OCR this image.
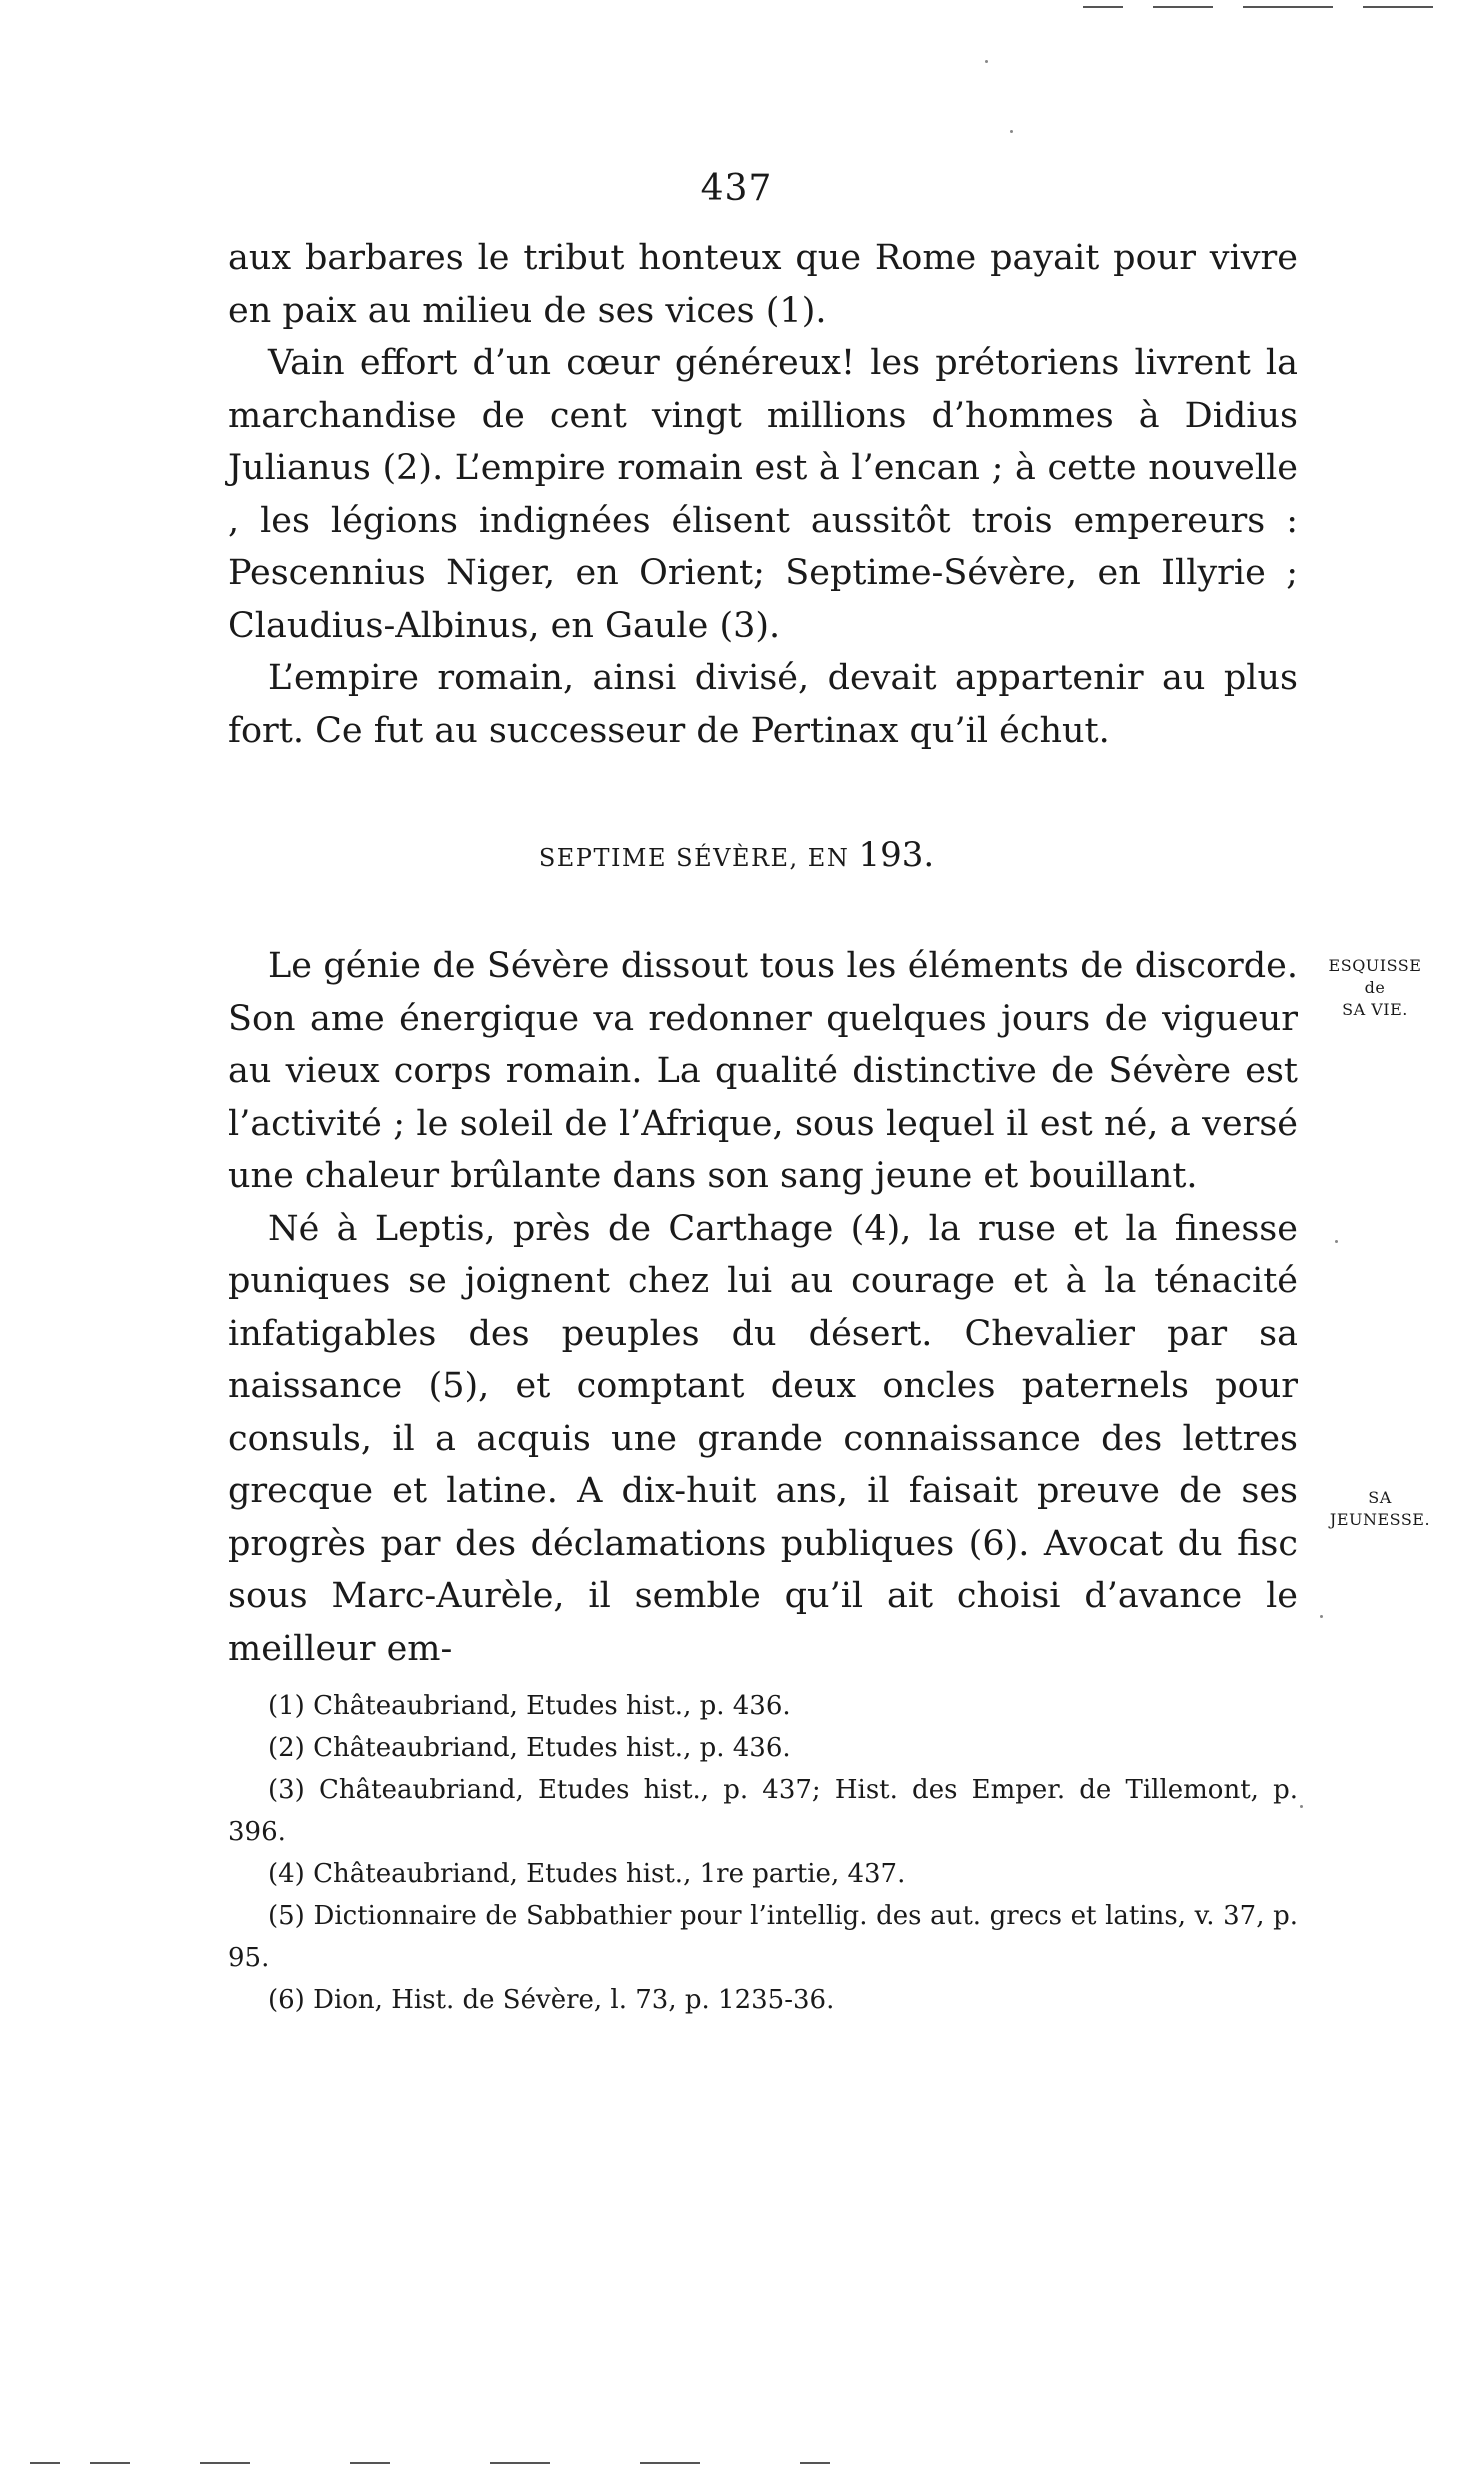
437

aux barbares le tribut honteux que Rome payait pour vivre en paix au milieu de ses vices (1).

Vain effort d’un cœur généreux! les prétoriens livrent la marchandise de cent vingt millions d’hommes à Didius Julianus (2). L’empire romain est à l’encan ; à cette nouvelle , les légions indignées élisent aussitôt trois empereurs : Pescennius Niger, en Orient; Septime-Sévère, en Illyrie ; Claudius-Albinus, en Gaule (3).

L’empire romain, ainsi divisé, devait appartenir au plus fort. Ce fut au successeur de Pertinax qu’il échut.

SEPTIME SÉVÈRE, EN 193.

Le génie de Sévère dissout tous les éléments de discorde. Son ame énergique va redonner quelques jours de vigueur au vieux corps romain. La qualité distinctive de Sévère est l’activité ; le soleil de l’Afrique, sous lequel il est né, a versé une chaleur brûlante dans son sang jeune et bouillant.

Né à Leptis, près de Carthage (4), la ruse et la finesse puniques se joignent chez lui au courage et à la ténacité infatigables des peuples du désert. Chevalier par sa naissance (5), et comptant deux oncles paternels pour consuls, il a acquis une grande connaissance des lettres grecque et latine. A dix-huit ans, il faisait preuve de ses progrès par des déclamations publiques (6). Avocat du fisc sous Marc-Aurèle, il semble qu’il ait choisi d’avance le meilleur em-

ESQUISSE
de
SA VIE.
SA
JEUNESSE.

(1) Châteaubriand, Etudes hist., p. 436.

(2) Châteaubriand, Etudes hist., p. 436.

(3) Châteaubriand, Etudes hist., p. 437; Hist. des Emper. de Tillemont, p. 396.

(4) Châteaubriand, Etudes hist., 1re partie, 437.

(5) Dictionnaire de Sabbathier pour l’intellig. des aut. grecs et latins, v. 37, p. 95.

(6) Dion, Hist. de Sévère, l. 73, p. 1235-36.
